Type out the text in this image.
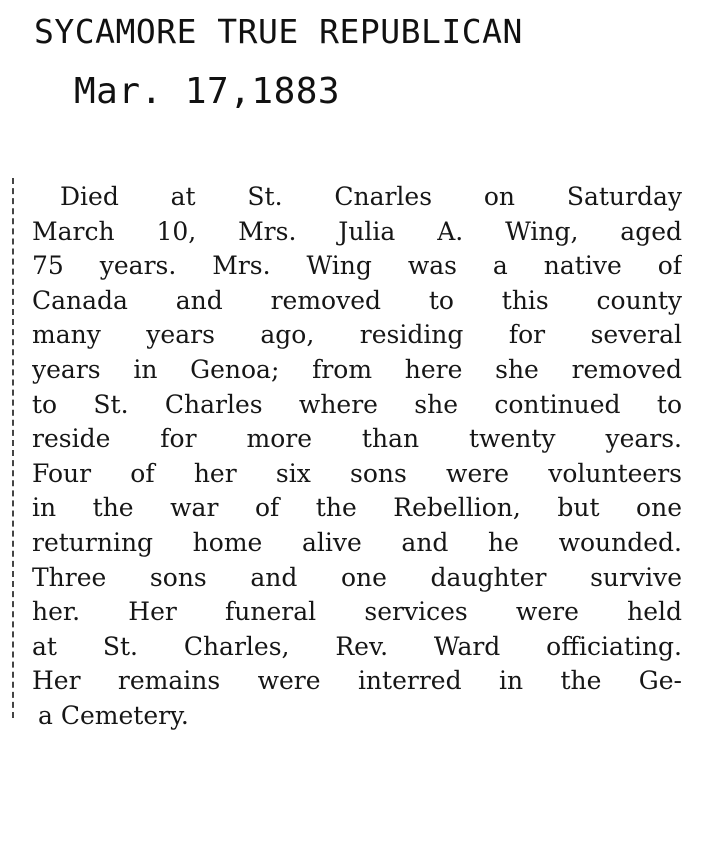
SYCAMORE TRUE REPUBLICAN
Mar. 17,1883
Died at St. Cnarles on Saturday
March 10, Mrs. Julia A. Wing, aged
75 years. Mrs. Wing was a native of
Canada and removed to this county
many years ago, residing for several
years in Genoa; from here she removed
to St. Charles where she continued to
reside for more than twenty years.
Four of her six sons were volunteers
in the war of the Rebellion, but one
returning home alive and he wounded.
Three sons and one daughter survive
her. Her funeral services were held
at St. Charles, Rev. Ward officiating.
Her remains were interred in the Ge-
a Cemetery.
